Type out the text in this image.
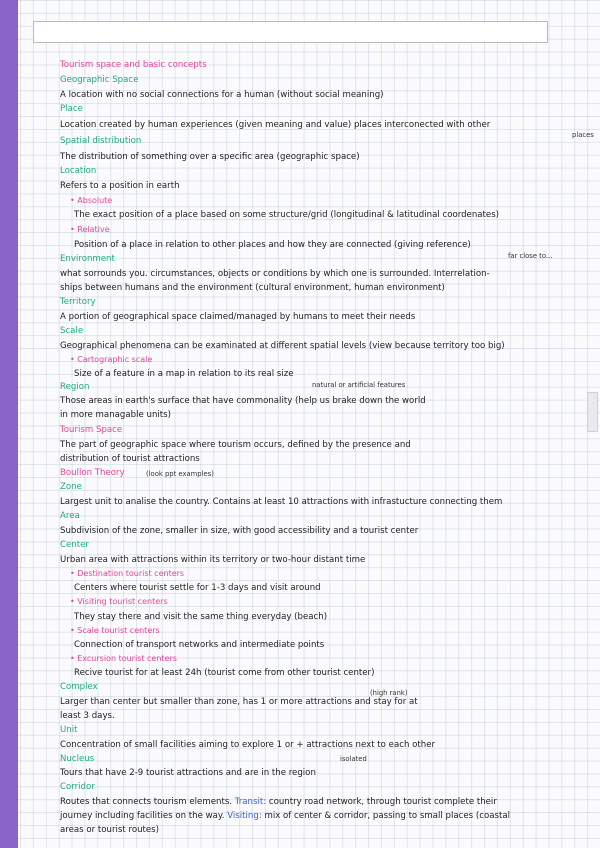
Tourism space and basic concepts
Geographic Space
A location with no social connections for a human (without social meaning)
Place
Location created by human experiences (given meaning and value) places interconected with other
places
Spatial distribution
The distribution of something over a specific area (geographic space)
Location
Refers to a position in earth
• Absolute
The exact position of a place based on some structure/grid (longitudinal & latitudinal coordenates)
• Relative
Position of a place in relation to other places and how they are connected (giving reference)
Environment	far close to...
what sorrounds you. circumstances, objects or conditions by which one is surrounded. Interrelation-
ships between humans and the environment (cultural environment, human environment)
Territory
A portion of geographical space claimed/managed by humans to meet their needs
Scale
Geographical phenomena can be examinated at different spatial levels (view because territory too big)
• Cartographic scale
Size of a feature in a map in relation to its real size
natural or artificial features
Region
Those areas in earth's surface that have commonality (help us brake down the world
in more managable units)
Tourism Space
The part of geographic space where tourism occurs, defined by the presence and
distribution of tourist attractions
Boullon Theory	(look ppt examples)
Zone
Largest unit to analise the country. Contains at least 10 attractions with infrastucture connecting them
Area
Subdivision of the zone, smaller in size, with good accessibility and a tourist center
Center
Urban area with attractions within its territory or two-hour distant time
• Destination tourist centers
Centers where tourist settle for 1-3 days and visit around
• Visiting tourist centers
They stay there and visit the same thing everyday (beach)
• Scale tourist centers
Connection of transport networks and intermediate points
• Excursion tourist centers
Recive tourist for at least 24h (tourist come from other tourist center)
Complex
(high rank)
Larger than center but smaller than zone, has 1 or more attractions and stay for at
least 3 days.
Unit
Concentration of small facilities aiming to explore 1 or + attractions next to each other
isolated
Nucleus
Tours that have 2-9 tourist attractions and are in the region
Corridor
Routes that connects tourism elements. Transit: country road network, through tourist complete their
journey including facilities on the way. Visiting: mix of center & corridor, passing to small places (coastal
areas or tourist routes)
